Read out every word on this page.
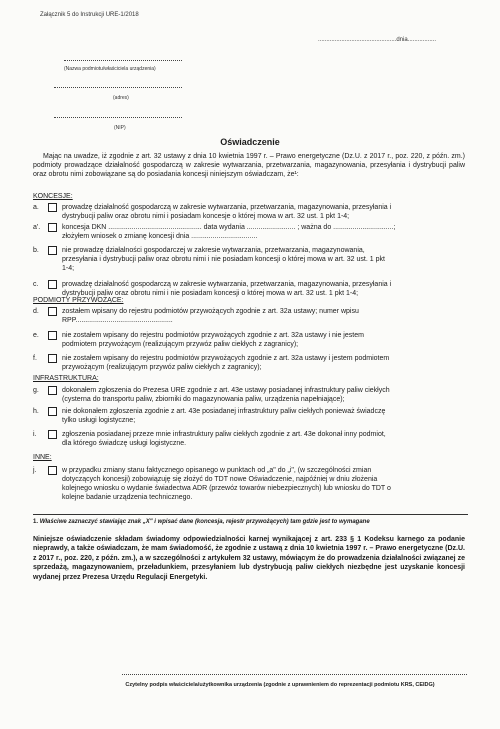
Załącznik 5 do Instrukcji URE-1/2018
...............................................dnia.................
(Nazwa podmiotu/właściciela urządzenia)
(adres)
(NIP)
Oświadczenie
Mając na uwadze, iż zgodnie z art. 32 ustawy z dnia 10 kwietnia 1997 r. – Prawo energetyczne (Dz.U. z 2017 r., poz. 220, z późn. zm.) podmioty prowadzące działalność gospodarczą w zakresie wytwarzania, przetwarzania, magazynowania, przesyłania i dystrybucji paliw oraz obrotu nimi zobowiązane są do posiadania koncesji niniejszym oświadczam, że¹:
KONCESJE:
a.	prowadzę działalność gospodarczą w zakresie wytwarzania, przetwarzania, magazynowania, przesyłania i
dystrybucji paliw oraz obrotu nimi i posiadam koncesje o której mowa w art. 32 ust. 1 pkt 1-4;
a'.	koncesja DKN ................................................ data wydania ......................... ; ważna do ...............................;
złożyłem wniosek o zmianę koncesji dnia ..................................
b.	nie prowadzę działalności gospodarczej w zakresie wytwarzania, przetwarzania, magazynowania,
przesyłania i dystrybucji paliw oraz obrotu nimi i nie posiadam koncesji o której mowa w art. 32 ust. 1 pkt
1-4;
c.	prowadzę działalność gospodarczą w zakresie wytwarzania, przetwarzania, magazynowania, przesyłania i
dystrybucji paliw oraz obrotu nimi i nie posiadam koncesji o której mowa w art. 32 ust. 1 pkt 1-4;
PODMIOTY PRZYWOŻĄCE:
d.	zostałem wpisany do rejestru podmiotów przywożących zgodnie z art. 32a ustawy; numer wpisu
RPP..................................................
e.	nie zostałem wpisany do rejestru podmiotów przywożących zgodnie z art. 32a ustawy i nie jestem
podmiotem przywożącym (realizującym przywóz paliw ciekłych z zagranicy);
f.	nie zostałem wpisany do rejestru podmiotów przywożących zgodnie z art. 32a ustawy i jestem podmiotem
przywożącym (realizującym przywóz paliw ciekłych z zagranicy);
INFRASTRUKTURA:
g.	dokonałem zgłoszenia do Prezesa URE zgodnie z art. 43e ustawy posiadanej infrastruktury paliw ciekłych
(cysterna do transportu paliw, zbiorniki do magazynowania paliw, urządzenia napełniające);
h.	nie dokonałem zgłoszenia zgodnie z art. 43e posiadanej infrastruktury paliw ciekłych ponieważ świadczę
tylko usługi logistyczne;
i.	zgłoszenia posiadanej przeze mnie infrastruktury paliw ciekłych zgodnie z art. 43e dokonał inny podmiot,
dla którego świadczę usługi logistyczne.
INNE:
j.	w przypadku zmiany stanu faktycznego opisanego w punktach od „a" do „i", (w szczególności zmian
dotyczących koncesji) zobowiązuję się złożyć do TDT nowe Oświadczenie, najpóźniej w dniu złożenia
kolejnego wniosku o wydanie świadectwa ADR (przewóz towarów niebezpiecznych) lub wniosku do TDT o
kolejne badanie urządzenia technicznego.
1. Właściwe zaznaczyć stawiając znak „X" i wpisać dane (koncesja, rejestr przywożących) tam gdzie jest to wymagane
Niniejsze oświadczenie składam świadomy odpowiedzialności karnej wynikającej z art. 233 § 1 Kodeksu karnego za podanie nieprawdy, a także oświadczam, że mam świadomość, że zgodnie z ustawą z dnia 10 kwietnia 1997 r. – Prawo energetyczne (Dz.U. z 2017 r., poz. 220, z późn. zm.), a w szczególności z artykułem 32 ustawy, mówiącym że do prowadzenia działalności związanej ze sprzedażą, magazynowaniem, przeładunkiem, przesyłaniem lub dystrybucją paliw ciekłych niezbędne jest uzyskanie koncesji wydanej przez Prezesa Urzędu Regulacji Energetyki.
Czytelny podpis właściciela/użytkownika urządzenia (zgodnie z uprawnieniem do reprezentacji podmiotu KRS, CEIDG)
